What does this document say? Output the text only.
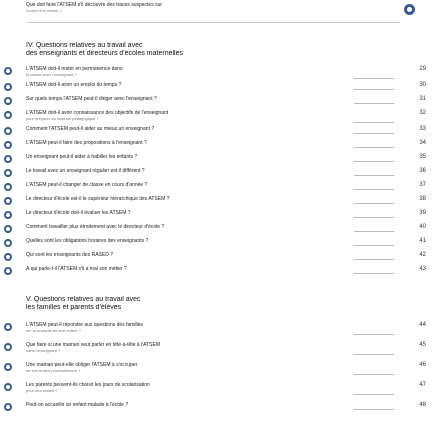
Que doit faire l'ATSEM s'il découvre des traces suspectes sur
l'corps d'un enfant ?
IV. Questions relatives au travail avec
des enseignants et directeurs d'écoles maternelles
V. Questions relatives au travail avec
les familles et parents d'élèves
L'ATSEM doit-il rester en permanence dans
la classe avec l'enseignant ?
L'ATSEM doit-il avoir un emploi du temps ?
Sur quels temps l'ATSEM peut-il diriger avec l'enseignant ?
L'ATSEM doit-il avoir connaissance des objectifs de l'enseignant
pour préparer du matériel pédagogique ?
Comment l'ATSEM peut-il aider au mieux un enseignant ?
L'ATSEM peut-il faire des propositions à l'enseignant ?
Un enseignant peut-il aider à habiller les enfants ?
Le travail avec un enseignant régulier est-il différent ?
L'ATSEM peut-il changer de classe en cours d'année ?
Le directeur d'école est-il le supérieur hiérarchique des ATSEM ?
Le directeur d'école doit-il évaluer les ATSEM ?
Comment travailler plus étroitement avec le directeur d'école ?
Quelles sont les obligations horaires des enseignants ?
Qui sont les enseignants des RASED ?
À qui parle-t-il l'ATSEM s'il a mal son métier ?
L'ATSEM peut-il répondre aux questions des familles
sur la scolarité de leur enfant ?
Que faire si une maman veut parler en tête-à-tête à l'ATSEM
sans l'enseignant ?
Une maman peut-elle obliger l'ATSEM à s'occuper
de son enfant prioritairement ?
Les parents peuvent-ils choisir les jours de scolarisation
pour leur enfant ?
Peut-on accueillir un enfant malade à l'école ?
29
30
31
32
33
34
35
36
37
38
39
40
41
42
43
44
45
46
47
48
